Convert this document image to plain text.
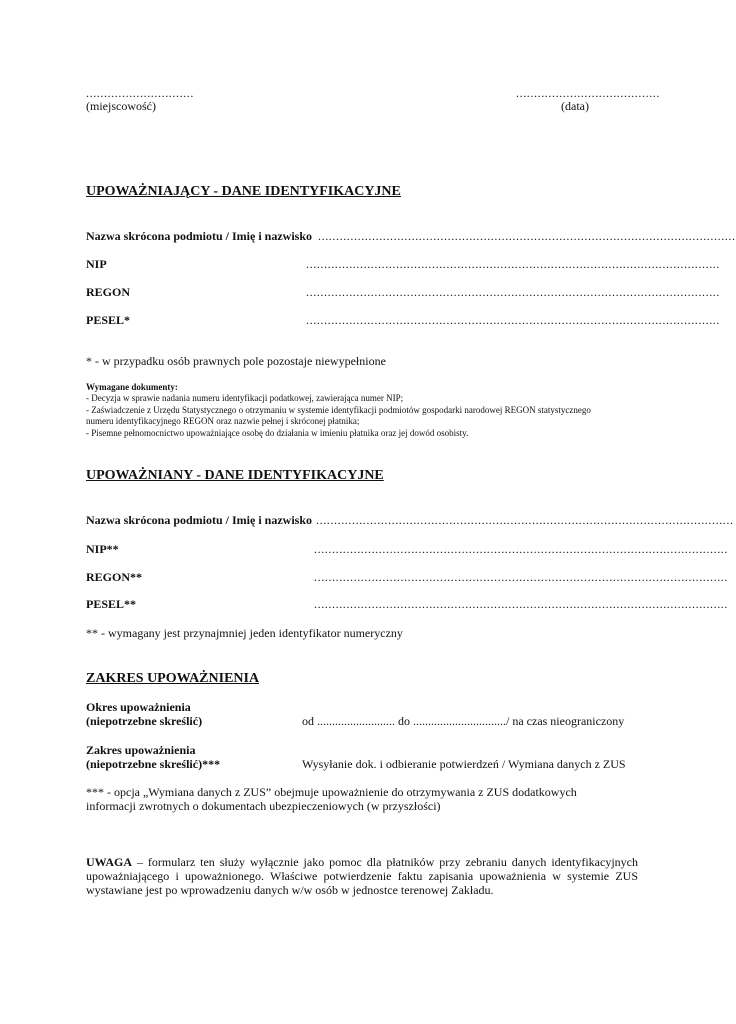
..............................
(miejscowość)
........................................
(data)
UPOWAŻNIAJĄCY - DANE IDENTYFIKACYJNE
Nazwa skrócona podmiotu / Imię i nazwisko ....................................................................................................................
NIP	...................................................................................................................
REGON	...................................................................................................................
PESEL*	...................................................................................................................
* - w przypadku osób prawnych pole pozostaje niewypełnione
Wymagane dokumenty:
- Decyzja w sprawie nadania numeru identyfikacji podatkowej, zawierająca numer NIP;
- Zaświadczenie z Urzędu Statystycznego o otrzymaniu w systemie identyfikacji podmiotów gospodarki narodowej REGON statystycznego
numeru identyfikacyjnego REGON oraz nazwie pełnej i skróconej płatnika;
- Pisemne pełnomocnictwo upoważniające osobę do działania w imieniu płatnika oraz jej dowód osobisty.
UPOWAŻNIANY - DANE IDENTYFIKACYJNE
Nazwa skrócona podmiotu / Imię i nazwisko ....................................................................................................................
NIP**	...................................................................................................................
REGON**	...................................................................................................................
PESEL**	...................................................................................................................
** - wymagany jest przynajmniej jeden identyfikator numeryczny
ZAKRES UPOWAŻNIENIA
Okres upoważnienia
(niepotrzebne skreślić)	od .......................... do .............................../ na czas nieograniczony
Zakres upoważnienia
(niepotrzebne skreślić)***	Wysyłanie dok. i odbieranie potwierdzeń / Wymiana danych z ZUS
*** - opcja „Wymiana danych z ZUS” obejmuje upoważnienie do otrzymywania z ZUS dodatkowych
informacji zwrotnych o dokumentach ubezpieczeniowych (w przyszłości)
UWAGA – formularz ten służy wyłącznie jako pomoc dla płatników przy zebraniu danych identyfikacyjnych upoważniającego i upoważnionego. Właściwe potwierdzenie faktu zapisania upoważnienia w systemie ZUS wystawiane jest po wprowadzeniu danych w/w osób w jednostce terenowej Zakładu.
